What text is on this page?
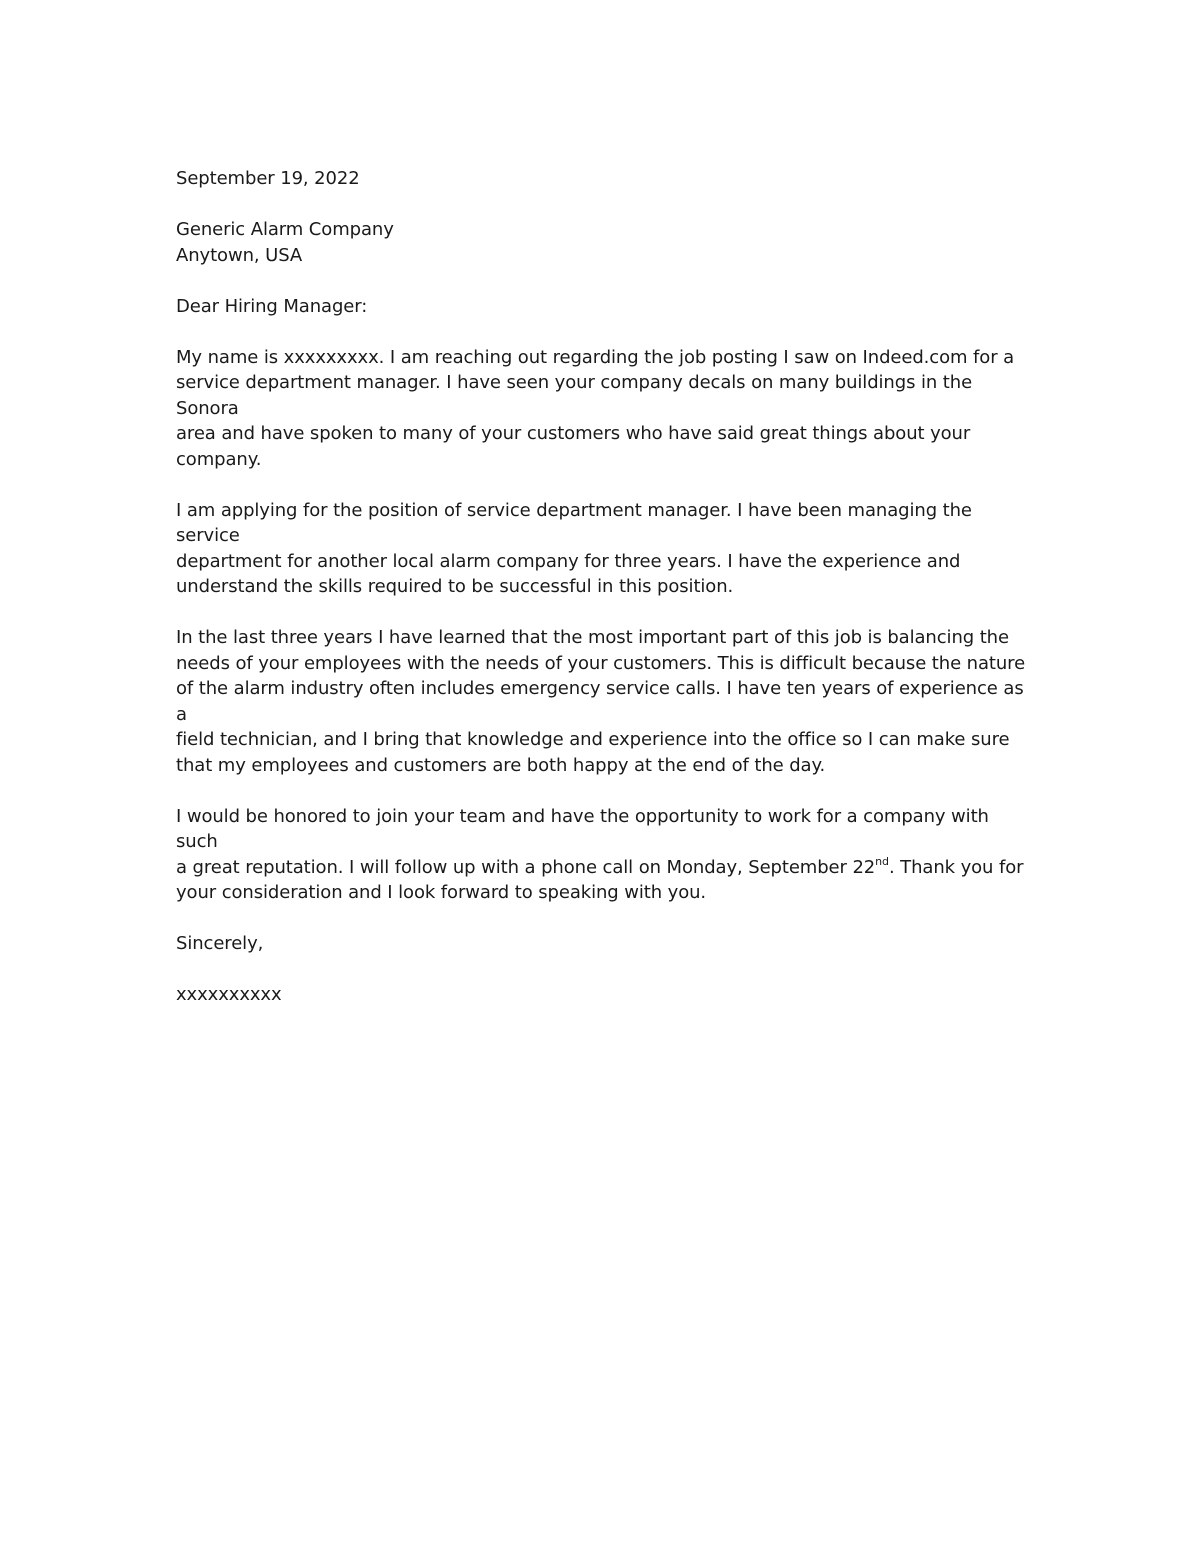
September 19, 2022

Generic Alarm Company

Anytown, USA

Dear Hiring Manager:

My name is xxxxxxxxx. I am reaching out regarding the job posting I saw on Indeed.com for a
service department manager. I have seen your company decals on many buildings in the Sonora
area and have spoken to many of your customers who have said great things about your
company.

I am applying for the position of service department manager. I have been managing the service
department for another local alarm company for three years. I have the experience and
understand the skills required to be successful in this position.

In the last three years I have learned that the most important part of this job is balancing the
needs of your employees with the needs of your customers. This is difficult because the nature
of the alarm industry often includes emergency service calls. I have ten years of experience as a
field technician, and I bring that knowledge and experience into the office so I can make sure
that my employees and customers are both happy at the end of the day.

I would be honored to join your team and have the opportunity to work for a company with such
a great reputation. I will follow up with a phone call on Monday, September 22nd. Thank you for
your consideration and I look forward to speaking with you.

Sincerely,

xxxxxxxxxx
